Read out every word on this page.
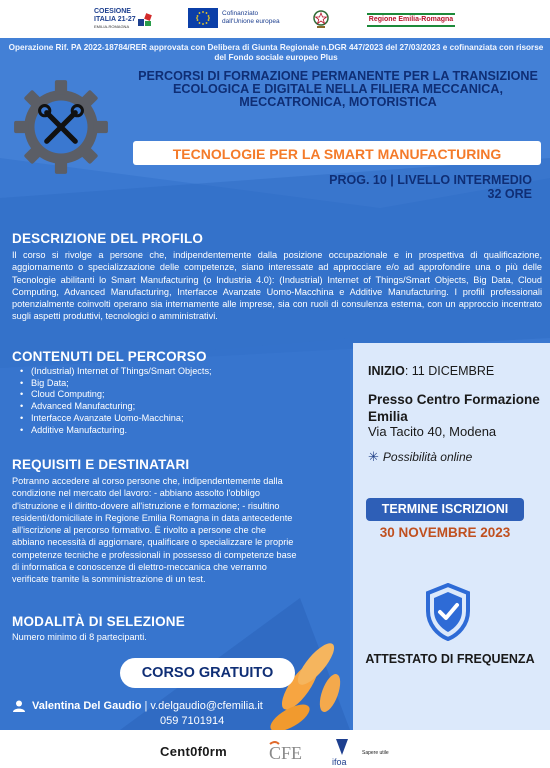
COESIONE
ITALIA 21-27
EMILIA-ROMAGNA
Cofinanziato
dall'Unione europea	Regione Emilia-Romagna
Operazione Rif. PA 2022-18784/RER approvata con Delibera di Giunta Regionale n.DGR 447/2023 del 27/03/2023 e cofinanziata con risorse del Fondo sociale europeo Plus
PERCORSI DI FORMAZIONE PERMANENTE PER LA TRANSIZIONE ECOLOGICA E DIGITALE NELLA FILIERA MECCANICA, MECCATRONICA, MOTORISTICA
TECNOLOGIE PER LA SMART MANUFACTURING
PROG. 10 | LIVELLO INTERMEDIO
32 ORE
DESCRIZIONE DEL PROFILO
Il corso si rivolge a persone che, indipendentemente dalla posizione occupazionale e in prospettiva di qualificazione, aggiornamento o specializzazione delle competenze, siano interessate ad approcciare e/o ad approfondire una o più delle Tecnologie abilitanti lo Smart Manufacturing (o Industria 4.0): (Industrial) Internet of Things/Smart Objects, Big Data, Cloud Computing, Advanced Manufacturing, Interfacce Avanzate Uomo-Macchina e Additive Manufacturing. I profili professionali potenzialmente coinvolti operano sia internamente alle imprese, sia con ruoli di consulenza esterna, con un approccio incentrato sugli aspetti produttivi, tecnologici o amministrativi.
CONTENUTI DEL PERCORSO
• (Industrial) Internet of Things/Smart Objects;
• Big Data;
• Cloud Computing;
• Advanced Manufacturing;
• Interfacce Avanzate Uomo-Macchina;
• Additive Manufacturing.
REQUISITI E DESTINATARI
Potranno accedere al corso persone che, indipendentemente dalla condizione nel mercato del lavoro: - abbiano assolto l'obbligo d'istruzione e il diritto-dovere all'istruzione e formazione; - risultino residenti/domiciliate in Regione Emilia Romagna in data antecedente all'iscrizione al percorso formativo. È rivolto a persone che che abbiano necessità di aggiornare, qualificare o specializzare le proprie competenze tecniche e professionali in possesso di competenze base di informatica e conoscenze di elettro-meccanica che verranno verificate tramite la somministrazione di un test.
MODALITÀ DI SELEZIONE
Numero minimo di 8 partecipanti.
INIZIO: 11 DICEMBRE
Presso Centro Formazione Emilia
Via Tacito 40, Modena
✳ Possibilità online
TERMINE ISCRIZIONI
30 NOVEMBRE 2023
ATTESTATO DI FREQUENZA
CORSO GRATUITO
Valentina Del Gaudio | v.delgaudio@cfemilia.it
059 7101914
Cent0f0rm CFE	ifoa
Sapere utile
